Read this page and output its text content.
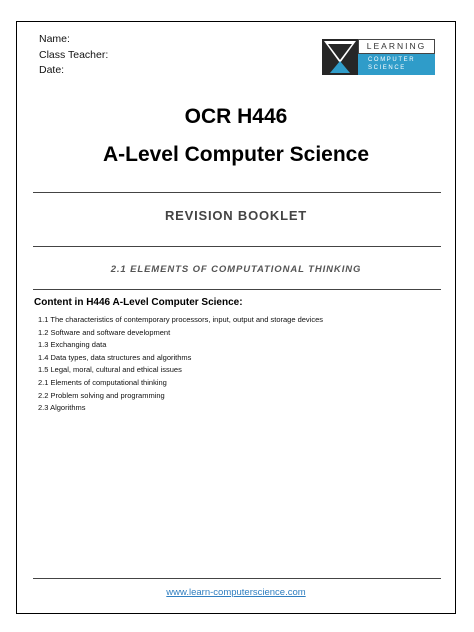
Name:
Class Teacher:
Date:
LEARNING
COMPUTER
SCIENCE
OCR H446
A-Level Computer Science
REVISION BOOKLET
2.1 ELEMENTS OF COMPUTATIONAL THINKING
Content in H446 A-Level Computer Science:
1.1 The characteristics of contemporary processors, input, output and storage devices
1.2 Software and software development
1.3 Exchanging data
1.4 Data types, data structures and algorithms
1.5 Legal, moral, cultural and ethical issues
2.1 Elements of computational thinking
2.2 Problem solving and programming
2.3 Algorithms
www.learn-computerscience.com
